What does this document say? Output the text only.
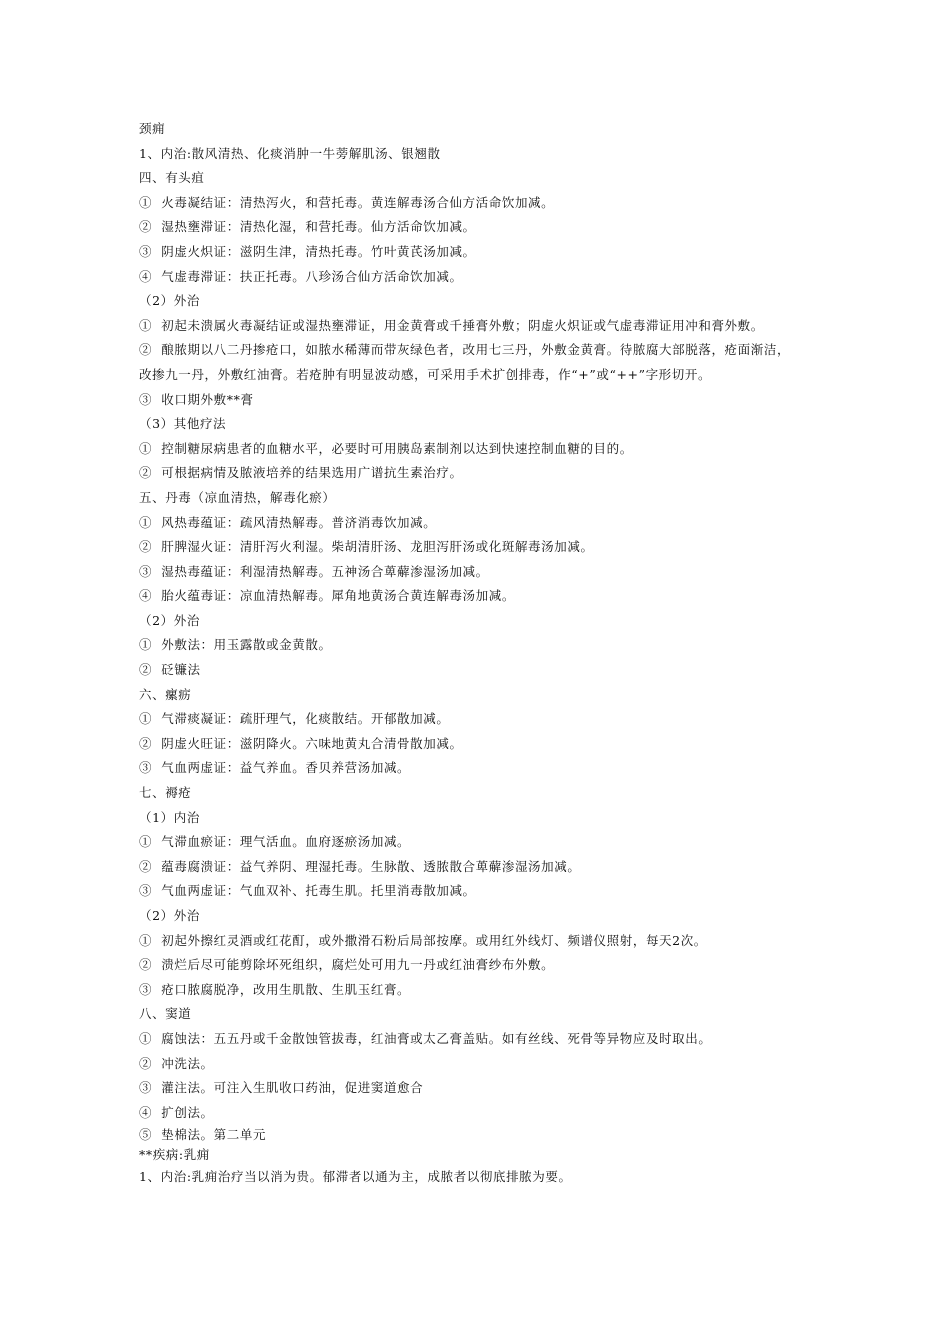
颈痈
1、内治:散风清热、化痰消肿一牛蒡解肌汤、银翘散
四、有头疽
①  火毒凝结证：清热泻火，和营托毒。黄连解毒汤合仙方活命饮加减。
②  湿热壅滞证：清热化湿，和营托毒。仙方活命饮加减。
③  阴虚火炽证：滋阴生津，清热托毒。竹叶黄芪汤加减。
④  气虚毒滞证：扶正托毒。八珍汤合仙方活命饮加减。
（2）外治
①  初起未溃属火毒凝结证或湿热壅滞证，用金黄膏或千捶膏外敷；阴虚火炽证或气虚毒滞证用冲和膏外敷。
②  酿脓期以八二丹掺疮口，如脓水稀薄而带灰绿色者，改用七三丹，外敷金黄膏。待脓腐大部脱落，疮面渐洁，
改掺九一丹，外敷红油膏。若疮肿有明显波动感，可采用手术扩创排毒，作“+”或“++”字形切开。
③  收口期外敷**膏
（3）其他疗法
①  控制糖尿病患者的血糖水平，必要时可用胰岛素制剂以达到快速控制血糖的目的。
②  可根据病情及脓液培养的结果选用广谱抗生素治疗。
五、丹毒（凉血清热，解毒化瘀）
①  风热毒蕴证：疏风清热解毒。普济消毒饮加减。
②  肝脾湿火证：清肝泻火利湿。柴胡清肝汤、龙胆泻肝汤或化斑解毒汤加减。
③  湿热毒蕴证：利湿清热解毒。五神汤合萆薢渗湿汤加减。
④  胎火蕴毒证：凉血清热解毒。犀角地黄汤合黄连解毒汤加减。
（2）外治
①  外敷法：用玉露散或金黄散。
②  砭镰法
六、瘰疬
①  气滞痰凝证：疏肝理气，化痰散结。开郁散加减。
②  阴虚火旺证：滋阴降火。六味地黄丸合清骨散加减。
③  气血两虚证：益气养血。香贝养营汤加减。
七、褥疮
（1）内治
①  气滞血瘀证：理气活血。血府逐瘀汤加减。
②  蕴毒腐溃证：益气养阴、理湿托毒。生脉散、透脓散合萆薢渗湿汤加减。
③  气血两虚证：气血双补、托毒生肌。托里消毒散加减。
（2）外治
①  初起外擦红灵酒或红花酊，或外撒滑石粉后局部按摩。或用红外线灯、频谱仪照射，每天2次。
②  溃烂后尽可能剪除坏死组织，腐烂处可用九一丹或红油膏纱布外敷。
③  疮口脓腐脱净，改用生肌散、生肌玉红膏。
八、窦道
①  腐蚀法：五五丹或千金散蚀管拔毒，红油膏或太乙膏盖贴。如有丝线、死骨等异物应及时取出。
②  冲洗法。
③  灌注法。可注入生肌收口药油，促进窦道愈合
④  扩创法。
⑤  垫棉法。第二单元
**疾病:乳痈
1、内治:乳痈治疗当以消为贵。郁滞者以通为主，成脓者以彻底排脓为要。
